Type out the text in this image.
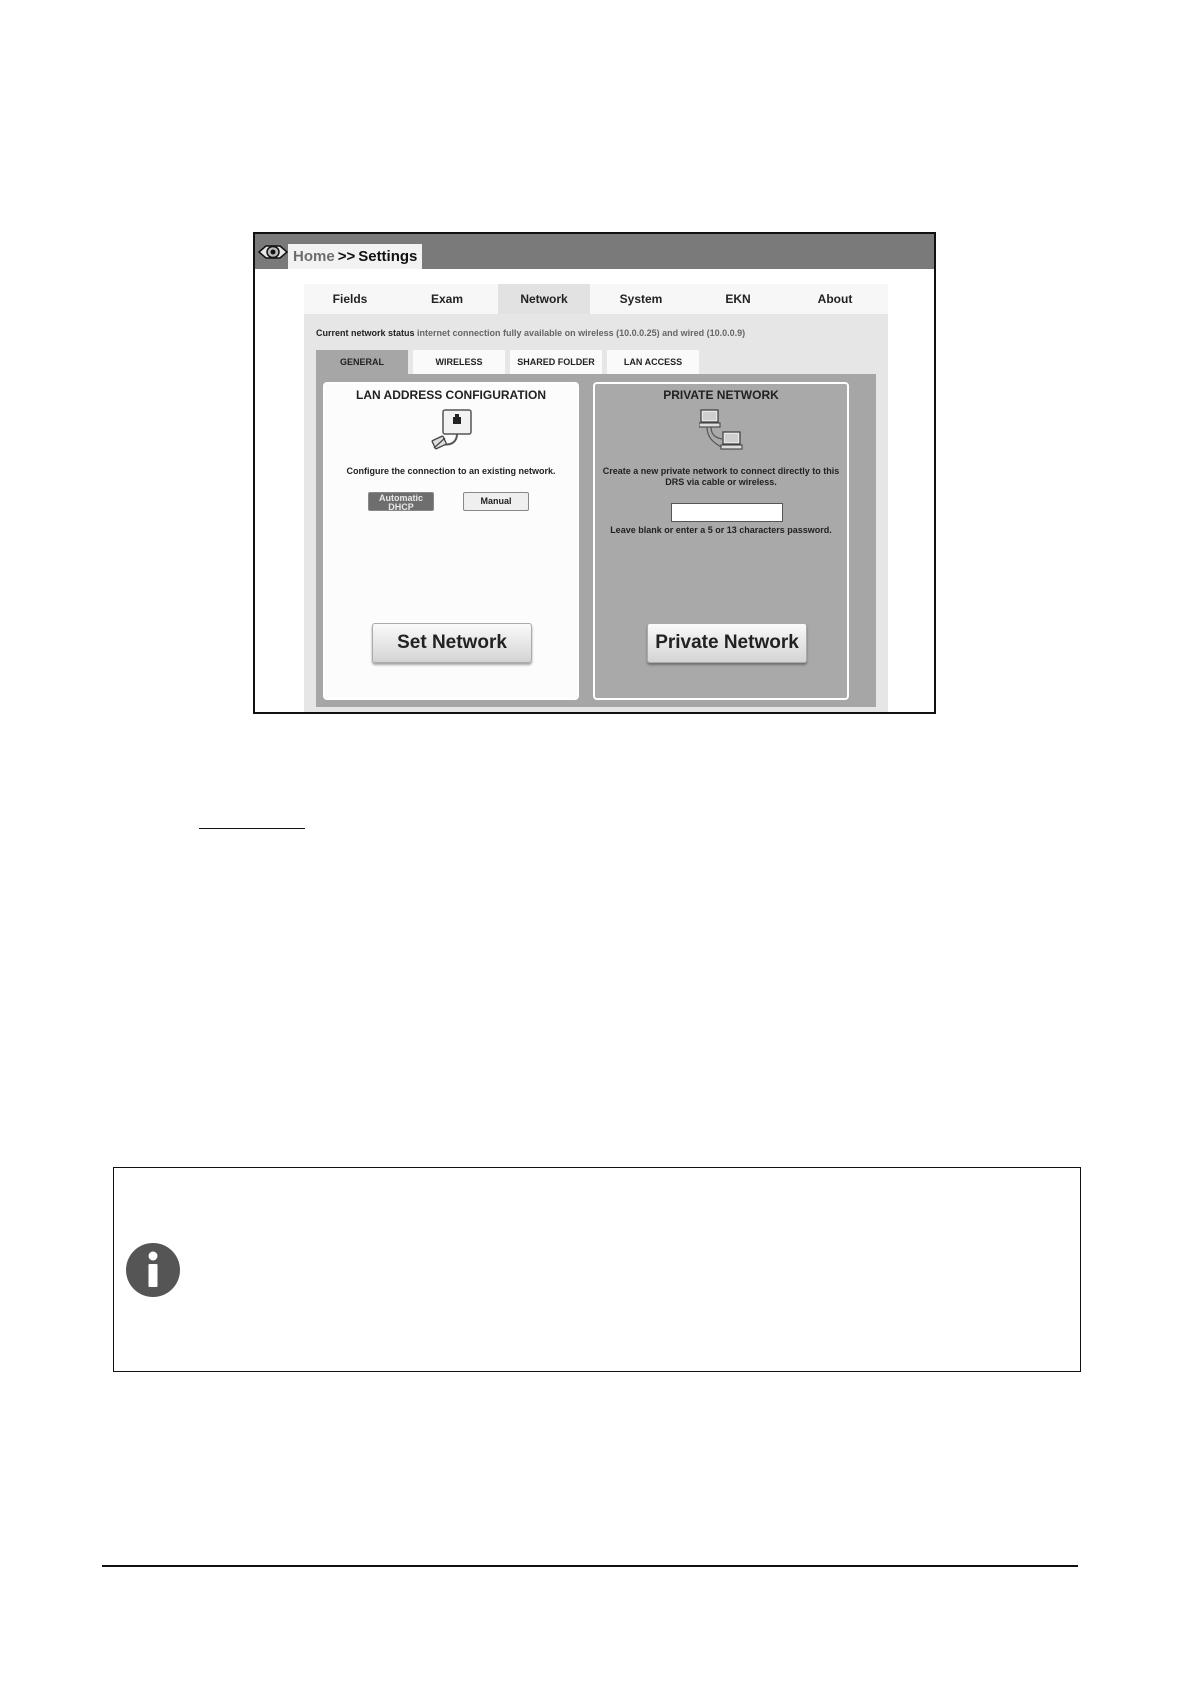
Home >> Settings
Fields	Exam	Network	System	EKN	About
Current network status internet connection fully available on wireless (10.0.0.25) and wired (10.0.0.9)
GENERAL	WIRELESS	SHARED FOLDER	LAN ACCESS
LAN ADDRESS CONFIGURATION
Configure the connection to an existing network.
Automatic DHCP
Manual
Set Network
PRIVATE NETWORK
Create a new private network to connect directly to this DRS via cable or wireless.
Leave blank or enter a 5 or 13 characters password.
Private Network
